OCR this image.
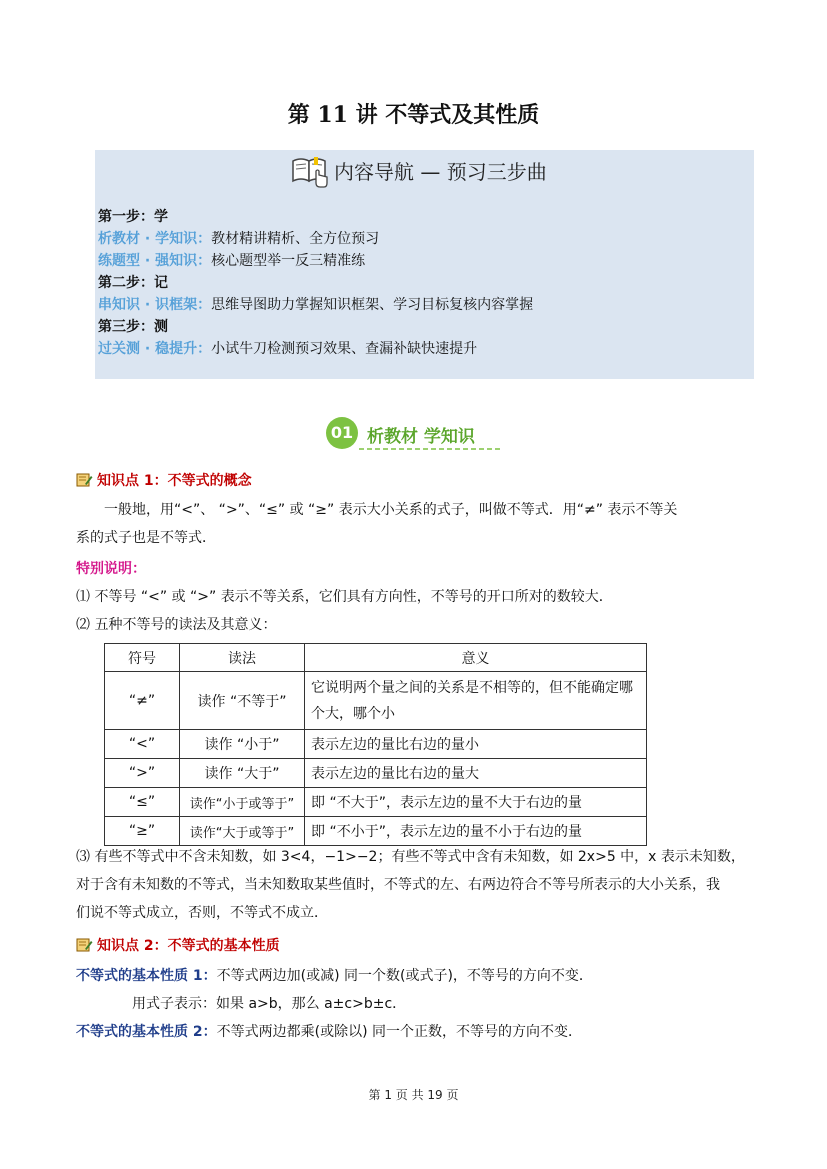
第 11 讲 不等式及其性质
内容导航 — 预习三步曲
第一步：学
析教材 · 学知识：教材精讲精析、全方位预习
练题型 · 强知识：核心题型举一反三精准练
第二步：记
串知识 · 识框架：思维导图助力掌握知识框架、学习目标复核内容掌握
第三步：测
过关测 · 稳提升：小试牛刀检测预习效果、查漏补缺快速提升
01 析教材 学知识
知识点 1：不等式的概念
一般地，用“<”、 “>”、“≤” 或 “≥” 表示大小关系的式子，叫做不等式．用“≠” 表示不等关
系的式子也是不等式．
特别说明：
⑴ 不等号 “<” 或 “>” 表示不等关系，它们具有方向性，不等号的开口所对的数较大．
⑵ 五种不等号的读法及其意义：
符号	读法	意义
“≠”	读作 “不等于”	它说明两个量之间的关系是不相等的，但不能确定哪个大，哪个小
“<”	读作 “小于”	表示左边的量比右边的量小
“>”	读作 “大于”	表示左边的量比右边的量大
“≤”	读作“小于或等于”	即 “不大于”，表示左边的量不大于右边的量
“≥”	读作“大于或等于”	即 “不小于”，表示左边的量不小于右边的量
⑶ 有些不等式中不含未知数，如 3<4，−1>−2；有些不等式中含有未知数，如 2x>5 中，x 表示未知数，
对于含有未知数的不等式，当未知数取某些值时，不等式的左、右两边符合不等号所表示的大小关系，我
们说不等式成立，否则，不等式不成立．
知识点 2：不等式的基本性质
不等式的基本性质 1：不等式两边加(或减) 同一个数(或式子)，不等号的方向不变．
用式子表示：如果 a>b，那么 a±c>b±c．
不等式的基本性质 2：不等式两边都乘(或除以) 同一个正数，不等号的方向不变．
第 1 页 共 19 页
